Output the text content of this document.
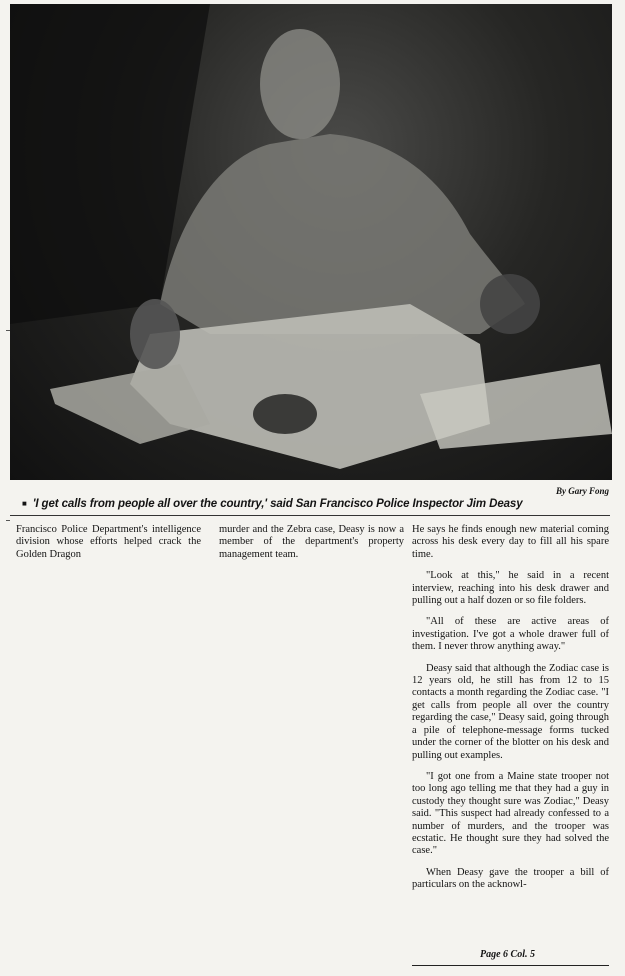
By Gary Fong
■ 'I get calls from people all over the country,' said San Francisco Police Inspector Jim Deasy

Francisco Police Department's intelligence division whose efforts helped crack the Golden Dragon

murder and the Zebra case, Deasy is now a member of the department's property management team.

He says he finds enough new material coming across his desk every day to fill all his spare time.

"Look at this," he said in a recent interview, reaching into his desk drawer and pulling out a half dozen or so file folders.

"All of these are active areas of investigation. I've got a whole drawer full of them. I never throw anything away."

Deasy said that although the Zodiac case is 12 years old, he still has from 12 to 15 contacts a month regarding the Zodiac case. "I get calls from people all over the country regarding the case," Deasy said, going through a pile of telephone-message forms tucked under the corner of the blotter on his desk and pulling out examples.

"I got one from a Maine state trooper not too long ago telling me that they had a guy in custody they thought sure was Zodiac," Deasy said. "This suspect had already confessed to a number of murders, and the trooper was ecstatic. He thought sure they had solved the case."

When Deasy gave the trooper a bill of particulars on the acknowl-

Page 6 Col. 5
